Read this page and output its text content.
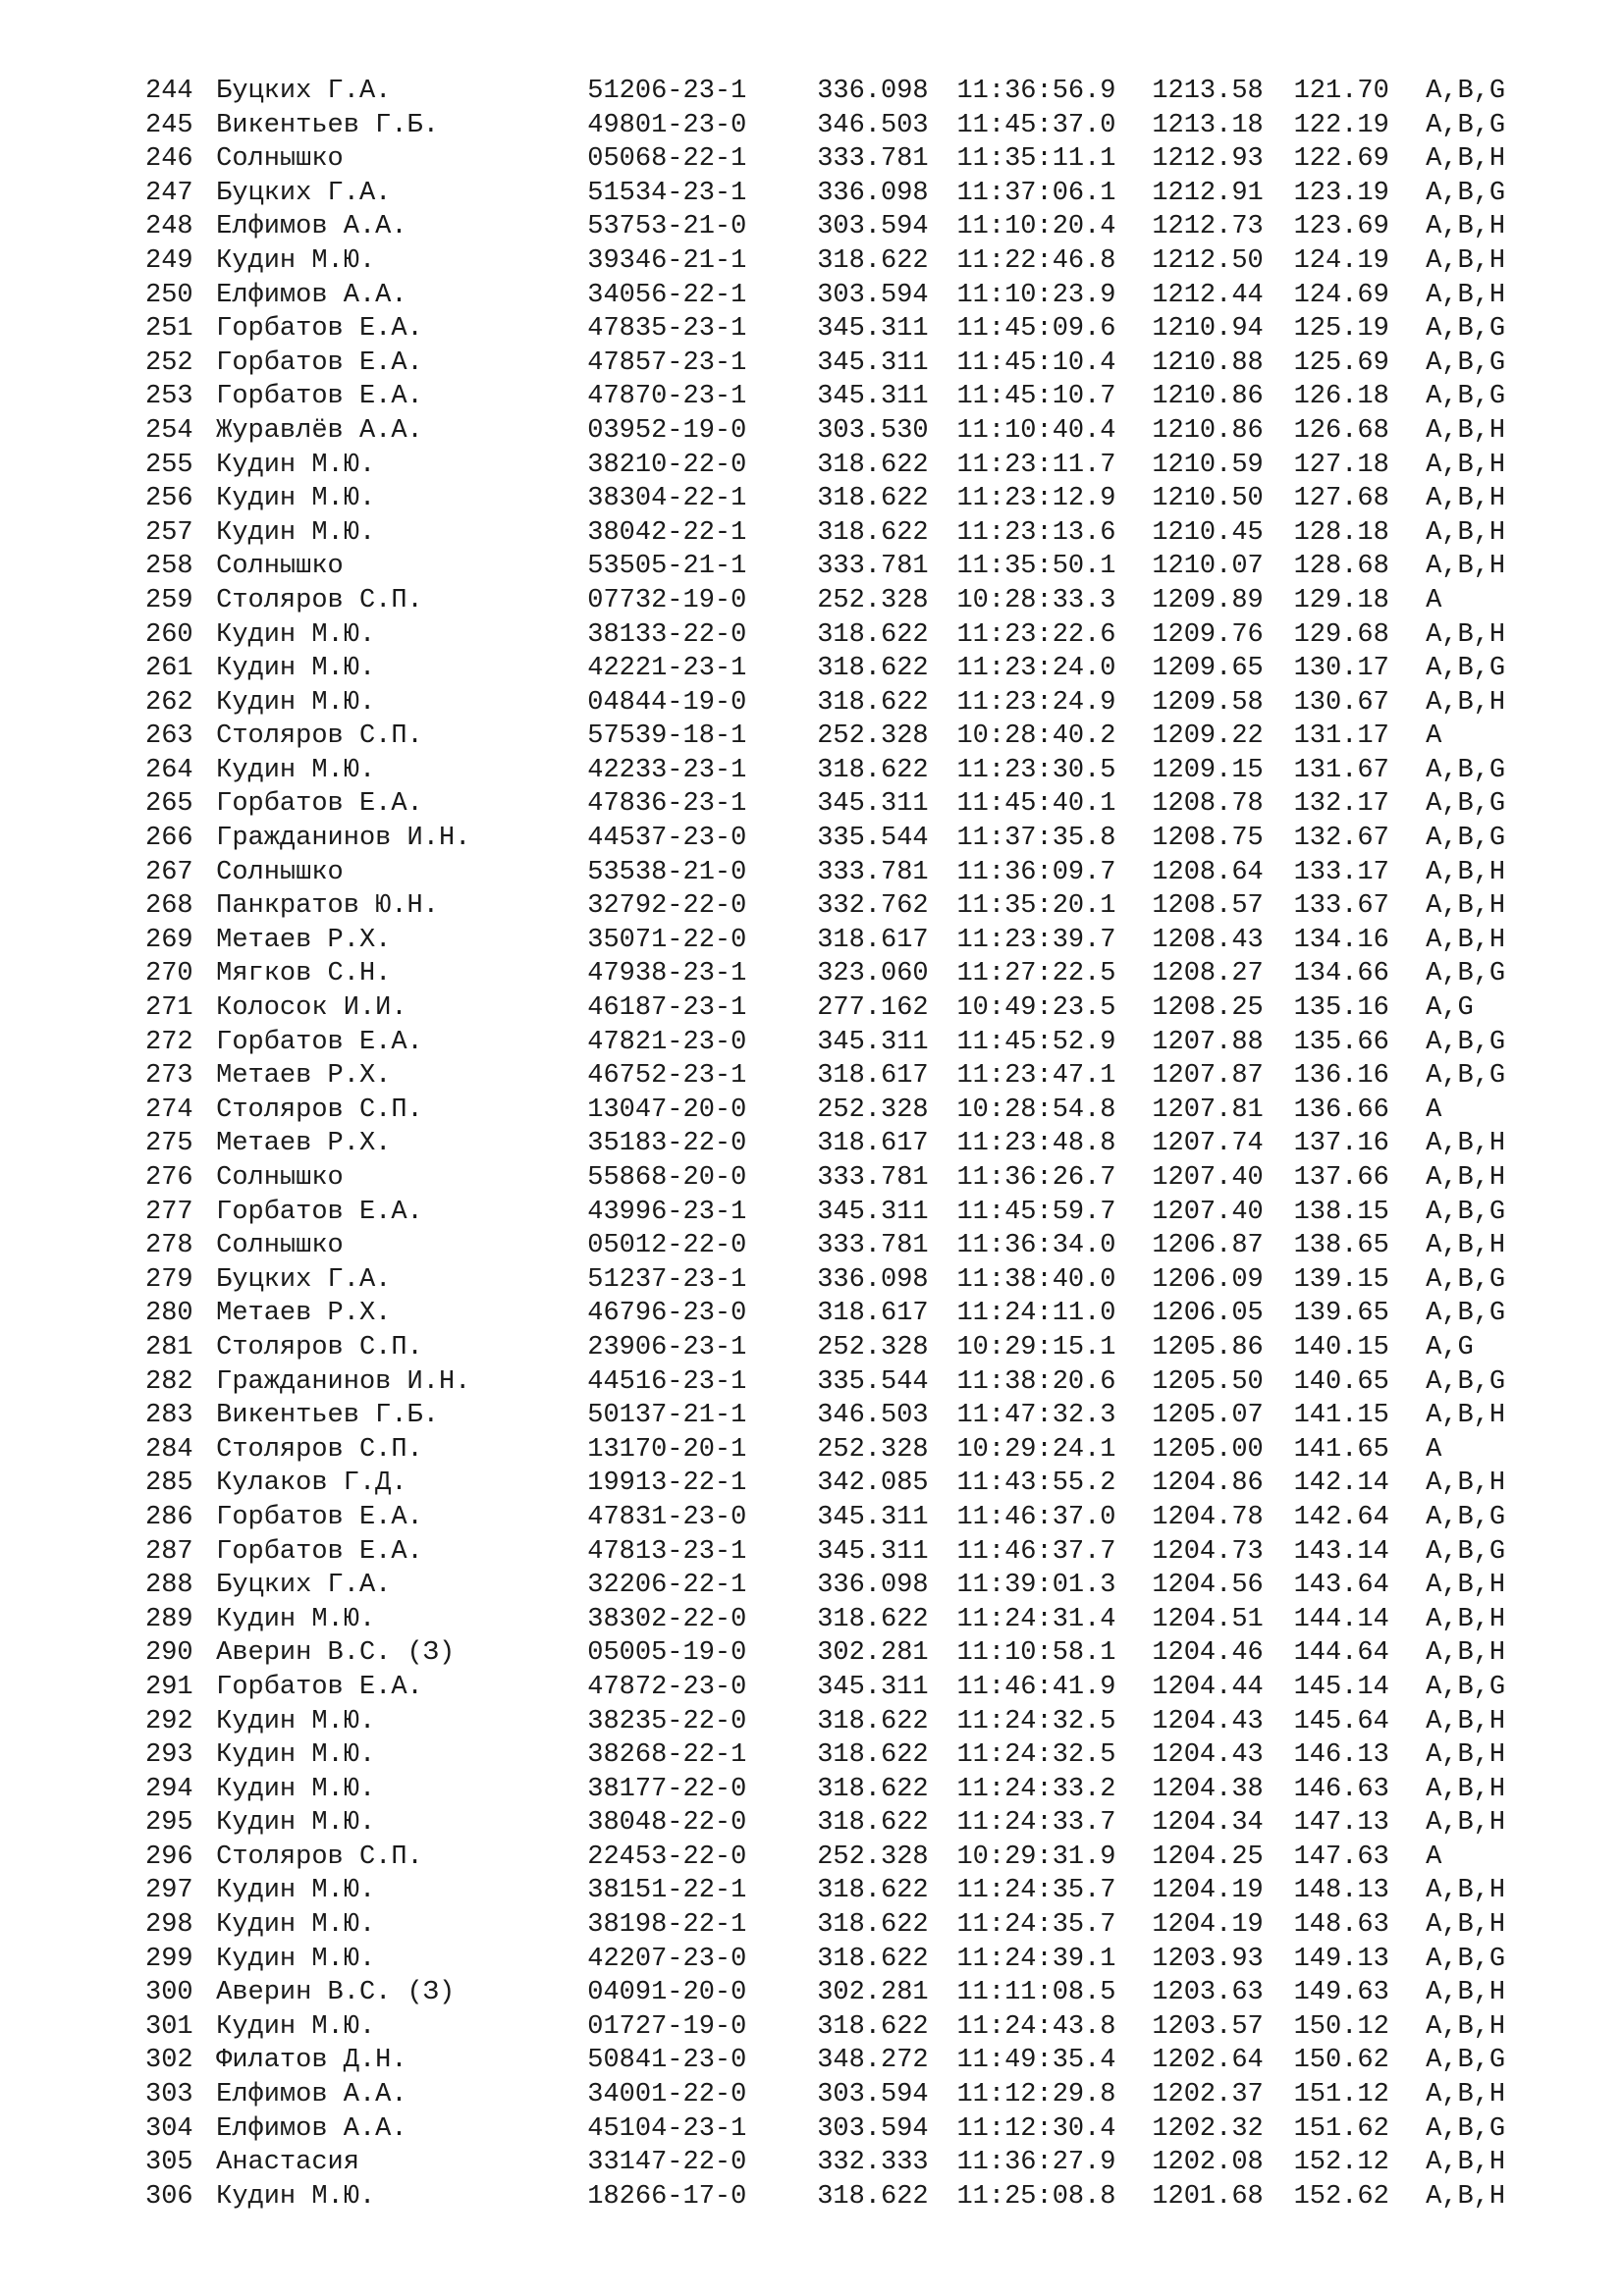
244 Буцких Г.А.	51206-23-1	336.098	11:36:56.9	1213.58	121.70	A,B,G
245 Викентьев Г.Б.	49801-23-0	346.503	11:45:37.0	1213.18	122.19	A,B,G
246 Солнышко	05068-22-1	333.781	11:35:11.1	1212.93	122.69	A,B,H
247 Буцких Г.А.	51534-23-1	336.098	11:37:06.1	1212.91	123.19	A,B,G
248 Елфимов А.А.	53753-21-0	303.594	11:10:20.4	1212.73	123.69	A,B,H
249 Кудин М.Ю.	39346-21-1	318.622	11:22:46.8	1212.50	124.19	A,B,H
250 Елфимов А.А.	34056-22-1	303.594	11:10:23.9	1212.44	124.69	A,B,H
251 Горбатов Е.А.	47835-23-1	345.311	11:45:09.6	1210.94	125.19	A,B,G
252 Горбатов Е.А.	47857-23-1	345.311	11:45:10.4	1210.88	125.69	A,B,G
253 Горбатов Е.А.	47870-23-1	345.311	11:45:10.7	1210.86	126.18	A,B,G
254 Журавлёв А.А.	03952-19-0	303.530	11:10:40.4	1210.86	126.68	A,B,H
255 Кудин М.Ю.	38210-22-0	318.622	11:23:11.7	1210.59	127.18	A,B,H
256 Кудин М.Ю.	38304-22-1	318.622	11:23:12.9	1210.50	127.68	A,B,H
257 Кудин М.Ю.	38042-22-1	318.622	11:23:13.6	1210.45	128.18	A,B,H
258 Солнышко	53505-21-1	333.781	11:35:50.1	1210.07	128.68	A,B,H
259 Столяров С.П.	07732-19-0	252.328	10:28:33.3	1209.89	129.18	A
260 Кудин М.Ю.	38133-22-0	318.622	11:23:22.6	1209.76	129.68	A,B,H
261 Кудин М.Ю.	42221-23-1	318.622	11:23:24.0	1209.65	130.17	A,B,G
262 Кудин М.Ю.	04844-19-0	318.622	11:23:24.9	1209.58	130.67	A,B,H
263 Столяров С.П.	57539-18-1	252.328	10:28:40.2	1209.22	131.17	A
264 Кудин М.Ю.	42233-23-1	318.622	11:23:30.5	1209.15	131.67	A,B,G
265 Горбатов Е.А.	47836-23-1	345.311	11:45:40.1	1208.78	132.17	A,B,G
266 Гражданинов И.Н.	44537-23-0	335.544	11:37:35.8	1208.75	132.67	A,B,G
267 Солнышко	53538-21-0	333.781	11:36:09.7	1208.64	133.17	A,B,H
268 Панкратов Ю.Н.	32792-22-0	332.762	11:35:20.1	1208.57	133.67	A,B,H
269 Метаев Р.Х.	35071-22-0	318.617	11:23:39.7	1208.43	134.16	A,B,H
270 Мягков С.Н.	47938-23-1	323.060	11:27:22.5	1208.27	134.66	A,B,G
271 Колосок И.И.	46187-23-1	277.162	10:49:23.5	1208.25	135.16	A,G
272 Горбатов Е.А.	47821-23-0	345.311	11:45:52.9	1207.88	135.66	A,B,G
273 Метаев Р.Х.	46752-23-1	318.617	11:23:47.1	1207.87	136.16	A,B,G
274 Столяров С.П.	13047-20-0	252.328	10:28:54.8	1207.81	136.66	A
275 Метаев Р.Х.	35183-22-0	318.617	11:23:48.8	1207.74	137.16	A,B,H
276 Солнышко	55868-20-0	333.781	11:36:26.7	1207.40	137.66	A,B,H
277 Горбатов Е.А.	43996-23-1	345.311	11:45:59.7	1207.40	138.15	A,B,G
278 Солнышко	05012-22-0	333.781	11:36:34.0	1206.87	138.65	A,B,H
279 Буцких Г.А.	51237-23-1	336.098	11:38:40.0	1206.09	139.15	A,B,G
280 Метаев Р.Х.	46796-23-0	318.617	11:24:11.0	1206.05	139.65	A,B,G
281 Столяров С.П.	23906-23-1	252.328	10:29:15.1	1205.86	140.15	A,G
282 Гражданинов И.Н.	44516-23-1	335.544	11:38:20.6	1205.50	140.65	A,B,G
283 Викентьев Г.Б.	50137-21-1	346.503	11:47:32.3	1205.07	141.15	A,B,H
284 Столяров С.П.	13170-20-1	252.328	10:29:24.1	1205.00	141.65	A
285 Кулаков Г.Д.	19913-22-1	342.085	11:43:55.2	1204.86	142.14	A,B,H
286 Горбатов Е.А.	47831-23-0	345.311	11:46:37.0	1204.78	142.64	A,B,G
287 Горбатов Е.А.	47813-23-1	345.311	11:46:37.7	1204.73	143.14	A,B,G
288 Буцких Г.А.	32206-22-1	336.098	11:39:01.3	1204.56	143.64	A,B,H
289 Кудин М.Ю.	38302-22-0	318.622	11:24:31.4	1204.51	144.14	A,B,H
290 Аверин В.С. (З)	05005-19-0	302.281	11:10:58.1	1204.46	144.64	A,B,H
291 Горбатов Е.А.	47872-23-0	345.311	11:46:41.9	1204.44	145.14	A,B,G
292 Кудин М.Ю.	38235-22-0	318.622	11:24:32.5	1204.43	145.64	A,B,H
293 Кудин М.Ю.	38268-22-1	318.622	11:24:32.5	1204.43	146.13	A,B,H
294 Кудин М.Ю.	38177-22-0	318.622	11:24:33.2	1204.38	146.63	A,B,H
295 Кудин М.Ю.	38048-22-0	318.622	11:24:33.7	1204.34	147.13	A,B,H
296 Столяров С.П.	22453-22-0	252.328	10:29:31.9	1204.25	147.63	A
297 Кудин М.Ю.	38151-22-1	318.622	11:24:35.7	1204.19	148.13	A,B,H
298 Кудин М.Ю.	38198-22-1	318.622	11:24:35.7	1204.19	148.63	A,B,H
299 Кудин М.Ю.	42207-23-0	318.622	11:24:39.1	1203.93	149.13	A,B,G
300 Аверин В.С. (З)	04091-20-0	302.281	11:11:08.5	1203.63	149.63	A,B,H
301 Кудин М.Ю.	01727-19-0	318.622	11:24:43.8	1203.57	150.12	A,B,H
302 Филатов Д.Н.	50841-23-0	348.272	11:49:35.4	1202.64	150.62	A,B,G
303 Елфимов А.А.	34001-22-0	303.594	11:12:29.8	1202.37	151.12	A,B,H
304 Елфимов А.А.	45104-23-1	303.594	11:12:30.4	1202.32	151.62	A,B,G
305 Анастасия	33147-22-0	332.333	11:36:27.9	1202.08	152.12	A,B,H
306 Кудин М.Ю.	18266-17-0	318.622	11:25:08.8	1201.68	152.62	A,B,H
